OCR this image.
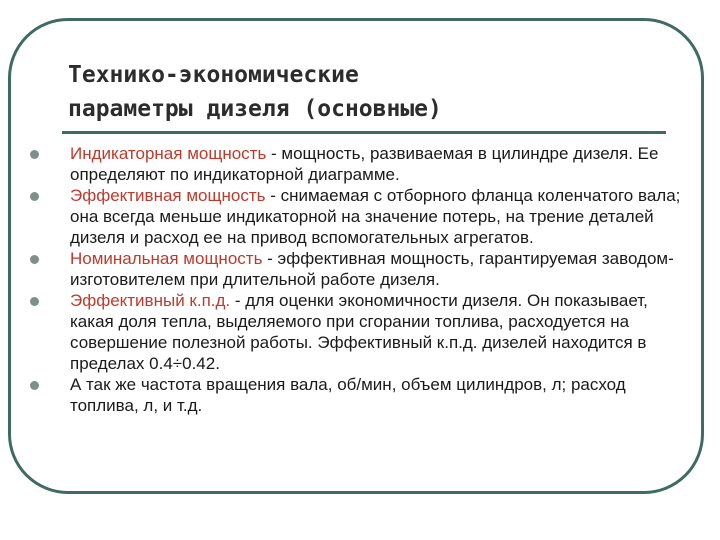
Технико-экономические
параметры дизеля (основные)
Индикаторная мощность - мощность, развиваемая в цилиндре дизеля. Ее определяют по индикаторной диаграмме.
Эффективная мощность - снимаемая с отборного фланца коленчатого вала; она всегда меньше индикаторной на значение потерь, на трение деталей дизеля и расход ее на привод вспомогательных агрегатов.
Номинальная мощность - эффективная мощность, гарантируемая заводом-изготовителем при длительной работе дизеля.
Эффективный к.п.д. - для оценки экономичности дизеля. Он показывает, какая доля тепла, выделяемого при сгорании топлива, расходуется на совершение полезной работы. Эффективный к.п.д. дизелей находится в пределах 0.4÷0.42.
А так же частота вращения вала, об/мин, объем цилиндров, л; расход топлива, л, и т.д.
